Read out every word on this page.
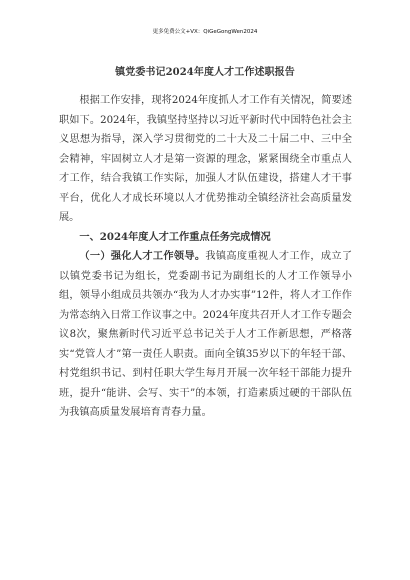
更多免费公文+VX：QiGeGongWen2024
镇党委书记2024年度人才工作述职报告

根据工作安排，现将2024年度抓人才工作有关情况，简要述职如下。2024年，我镇坚持坚持以习近平新时代中国特色社会主义思想为指导，深入学习贯彻党的二十大及二十届二中、三中全会精神，牢固树立人才是第一资源的理念，紧紧围绕全市重点人才工作，结合我镇工作实际，加强人才队伍建设，搭建人才干事平台，优化人才成长环境以人才优势推动全镇经济社会高质量发展。

一、2024年度人才工作重点任务完成情况

（一）强化人才工作领导。我镇高度重视人才工作，成立了以镇党委书记为组长，党委副书记为副组长的人才工作领导小组，领导小组成员共领办“我为人才办实事”12件，将人才工作作为常态纳入日常工作议事之中。2024年度共召开人才工作专题会议8次，聚焦新时代习近平总书记关于人才工作新思想，严格落实“党管人才”第一责任人职责。面向全镇35岁以下的年轻干部、村党组织书记、到村任职大学生每月开展一次年轻干部能力提升班，提升“能讲、会写、实干”的本领，打造素质过硬的干部队伍为我镇高质量发展培育青春力量。
